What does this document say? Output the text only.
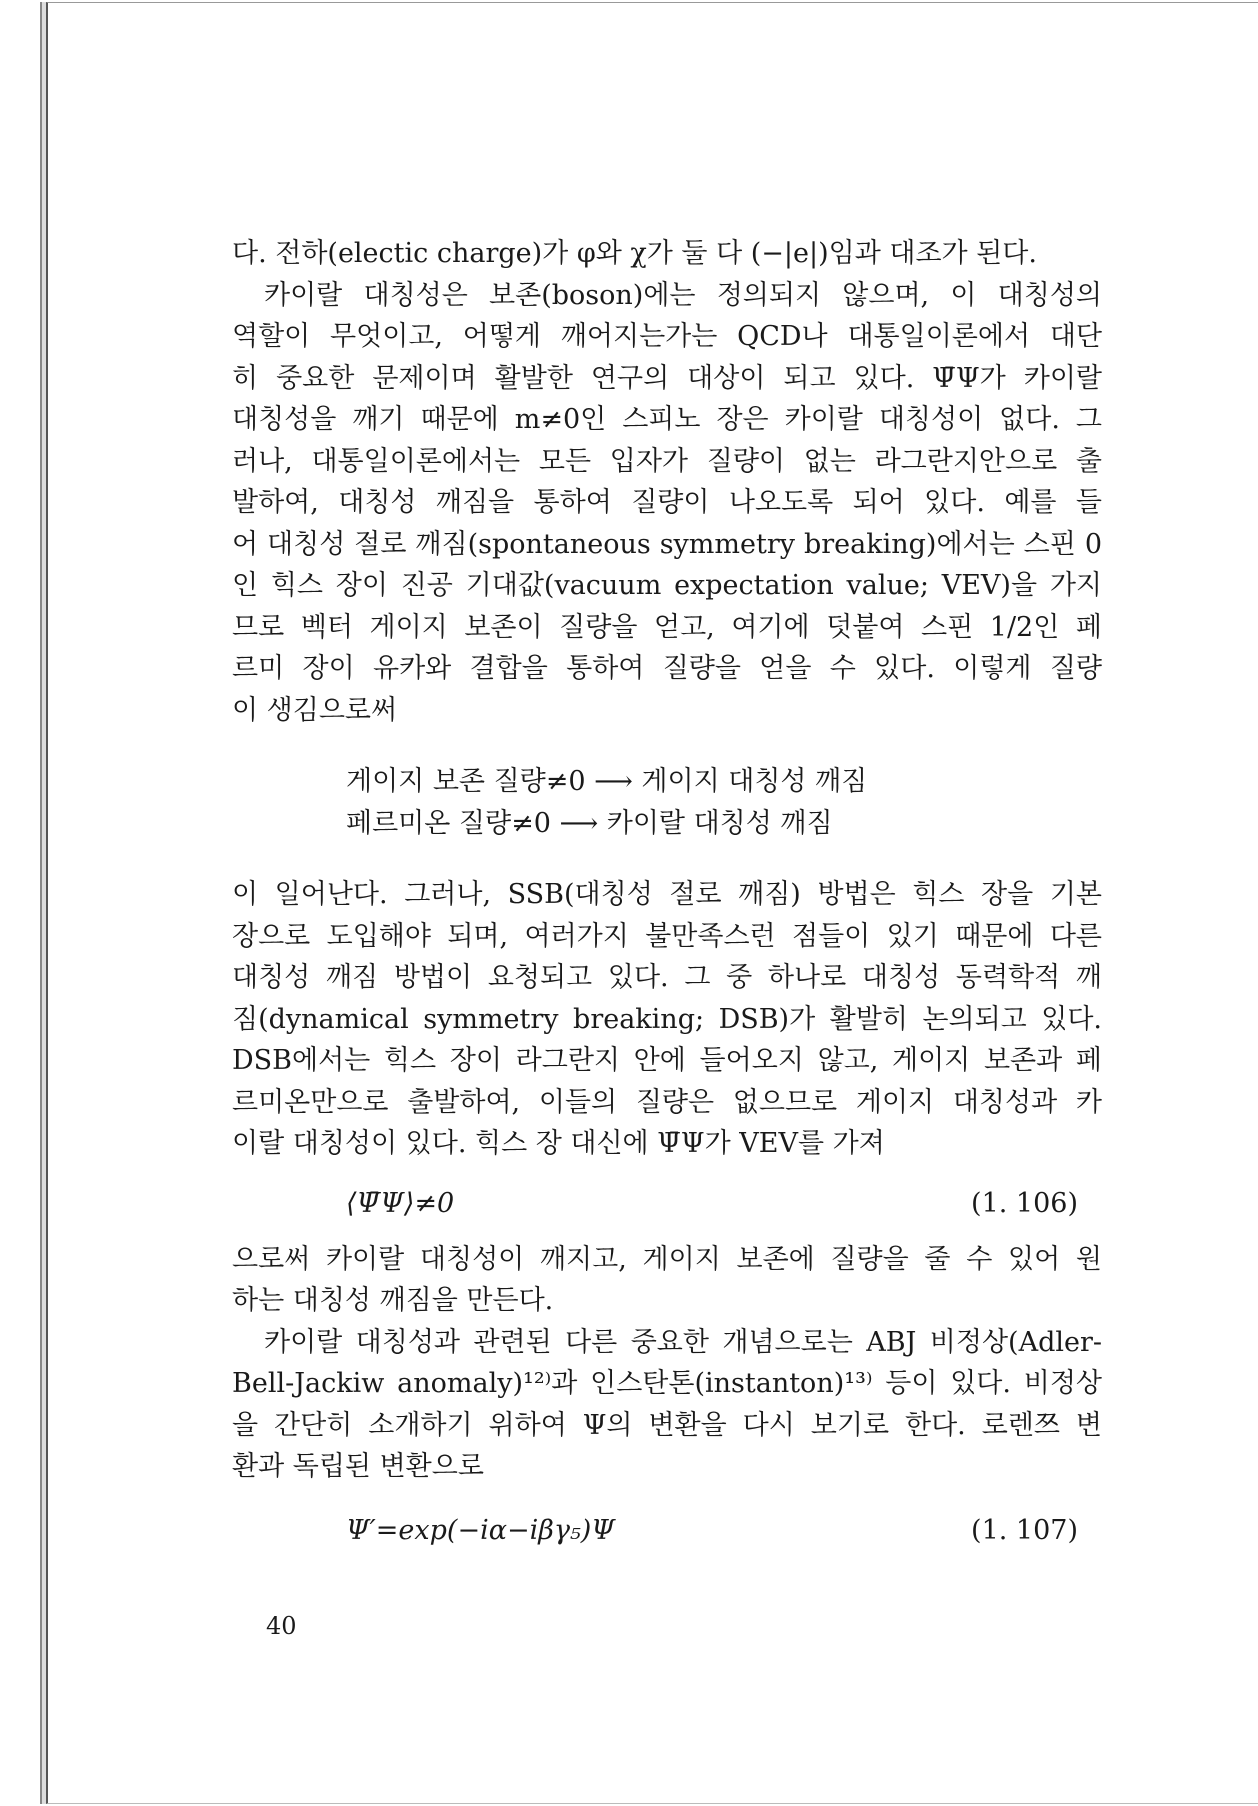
다. 전하(electic charge)가 φ와 χ가 둘 다 (−|e|)임과 대조가 된다.
카이랄 대칭성은 보존(boson)에는 정의되지 않으며, 이 대칭성의
역할이 무엇이고, 어떻게 깨어지는가는 QCD나 대통일이론에서 대단
히 중요한 문제이며 활발한 연구의 대상이 되고 있다. Ψ̄Ψ가 카이랄
대칭성을 깨기 때문에 m≠0인 스피노 장은 카이랄 대칭성이 없다. 그
러나, 대통일이론에서는 모든 입자가 질량이 없는 라그란지안으로 출
발하여, 대칭성 깨짐을 통하여 질량이 나오도록 되어 있다. 예를 들
어 대칭성 절로 깨짐(spontaneous symmetry breaking)에서는 스핀 0
인 힉스 장이 진공 기대값(vacuum expectation value; VEV)을 가지
므로 벡터 게이지 보존이 질량을 얻고, 여기에 덧붙여 스핀 1/2인 페
르미 장이 유카와 결합을 통하여 질량을 얻을 수 있다. 이렇게 질량
이 생김으로써
게이지 보존 질량≠0 ⟶ 게이지 대칭성 깨짐
페르미온 질량≠0 ⟶ 카이랄 대칭성 깨짐
이 일어난다. 그러나, SSB(대칭성 절로 깨짐) 방법은 힉스 장을 기본
장으로 도입해야 되며, 여러가지 불만족스런 점들이 있기 때문에 다른
대칭성 깨짐 방법이 요청되고 있다. 그 중 하나로 대칭성 동력학적 깨
짐(dynamical symmetry breaking; DSB)가 활발히 논의되고 있다.
DSB에서는 힉스 장이 라그란지 안에 들어오지 않고, 게이지 보존과 페
르미온만으로 출발하여, 이들의 질량은 없으므로 게이지 대칭성과 카
이랄 대칭성이 있다. 힉스 장 대신에 Ψ̄Ψ가 VEV를 가져
⟨Ψ̄Ψ⟩≠0	(1. 106)
으로써 카이랄 대칭성이 깨지고, 게이지 보존에 질량을 줄 수 있어 원
하는 대칭성 깨짐을 만든다.
카이랄 대칭성과 관련된 다른 중요한 개념으로는 ABJ 비정상(Adler-
Bell-Jackiw anomaly)¹²⁾과 인스탄톤(instanton)¹³⁾ 등이 있다. 비정상
을 간단히 소개하기 위하여 Ψ의 변환을 다시 보기로 한다. 로렌쯔 변
환과 독립된 변환으로
Ψ′=exp(−iα−iβγ₅)Ψ	(1. 107)
40
